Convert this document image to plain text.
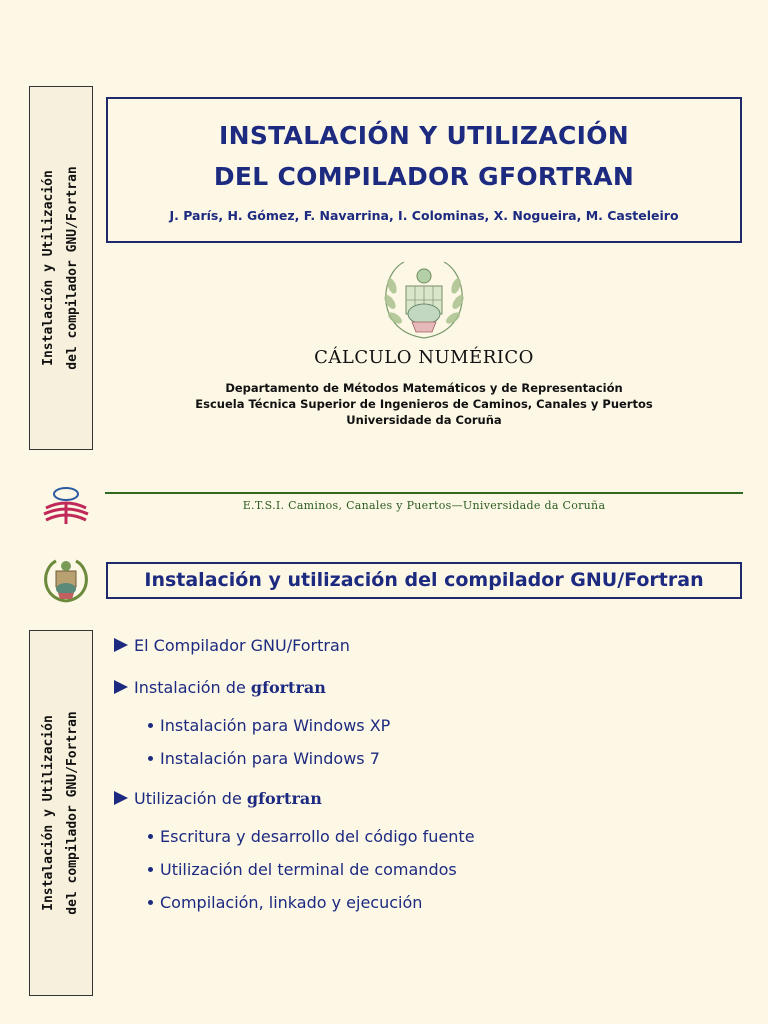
Instalación y Utilización del compilador GNU/Fortran
INSTALACIÓN Y UTILIZACIÓN
DEL COMPILADOR GFORTRAN
J. París, H. Gómez, F. Navarrina, I. Colominas, X. Nogueira, M. Casteleiro
CÁLCULO NUMÉRICO
Departamento de Métodos Matemáticos y de Representación
Escuela Técnica Superior de Ingenieros de Caminos, Canales y Puertos
Universidade da Coruña
E.T.S.I. Caminos, Canales y Puertos—Universidade da Coruña
Instalación y utilización del compilador GNU/Fortran
Instalación y Utilización del compilador GNU/Fortran
El Compilador GNU/Fortran
Instalación de gfortran
Instalación para Windows XP
Instalación para Windows 7
Utilización de gfortran
Escritura y desarrollo del código fuente
Utilización del terminal de comandos
Compilación, linkado y ejecución
